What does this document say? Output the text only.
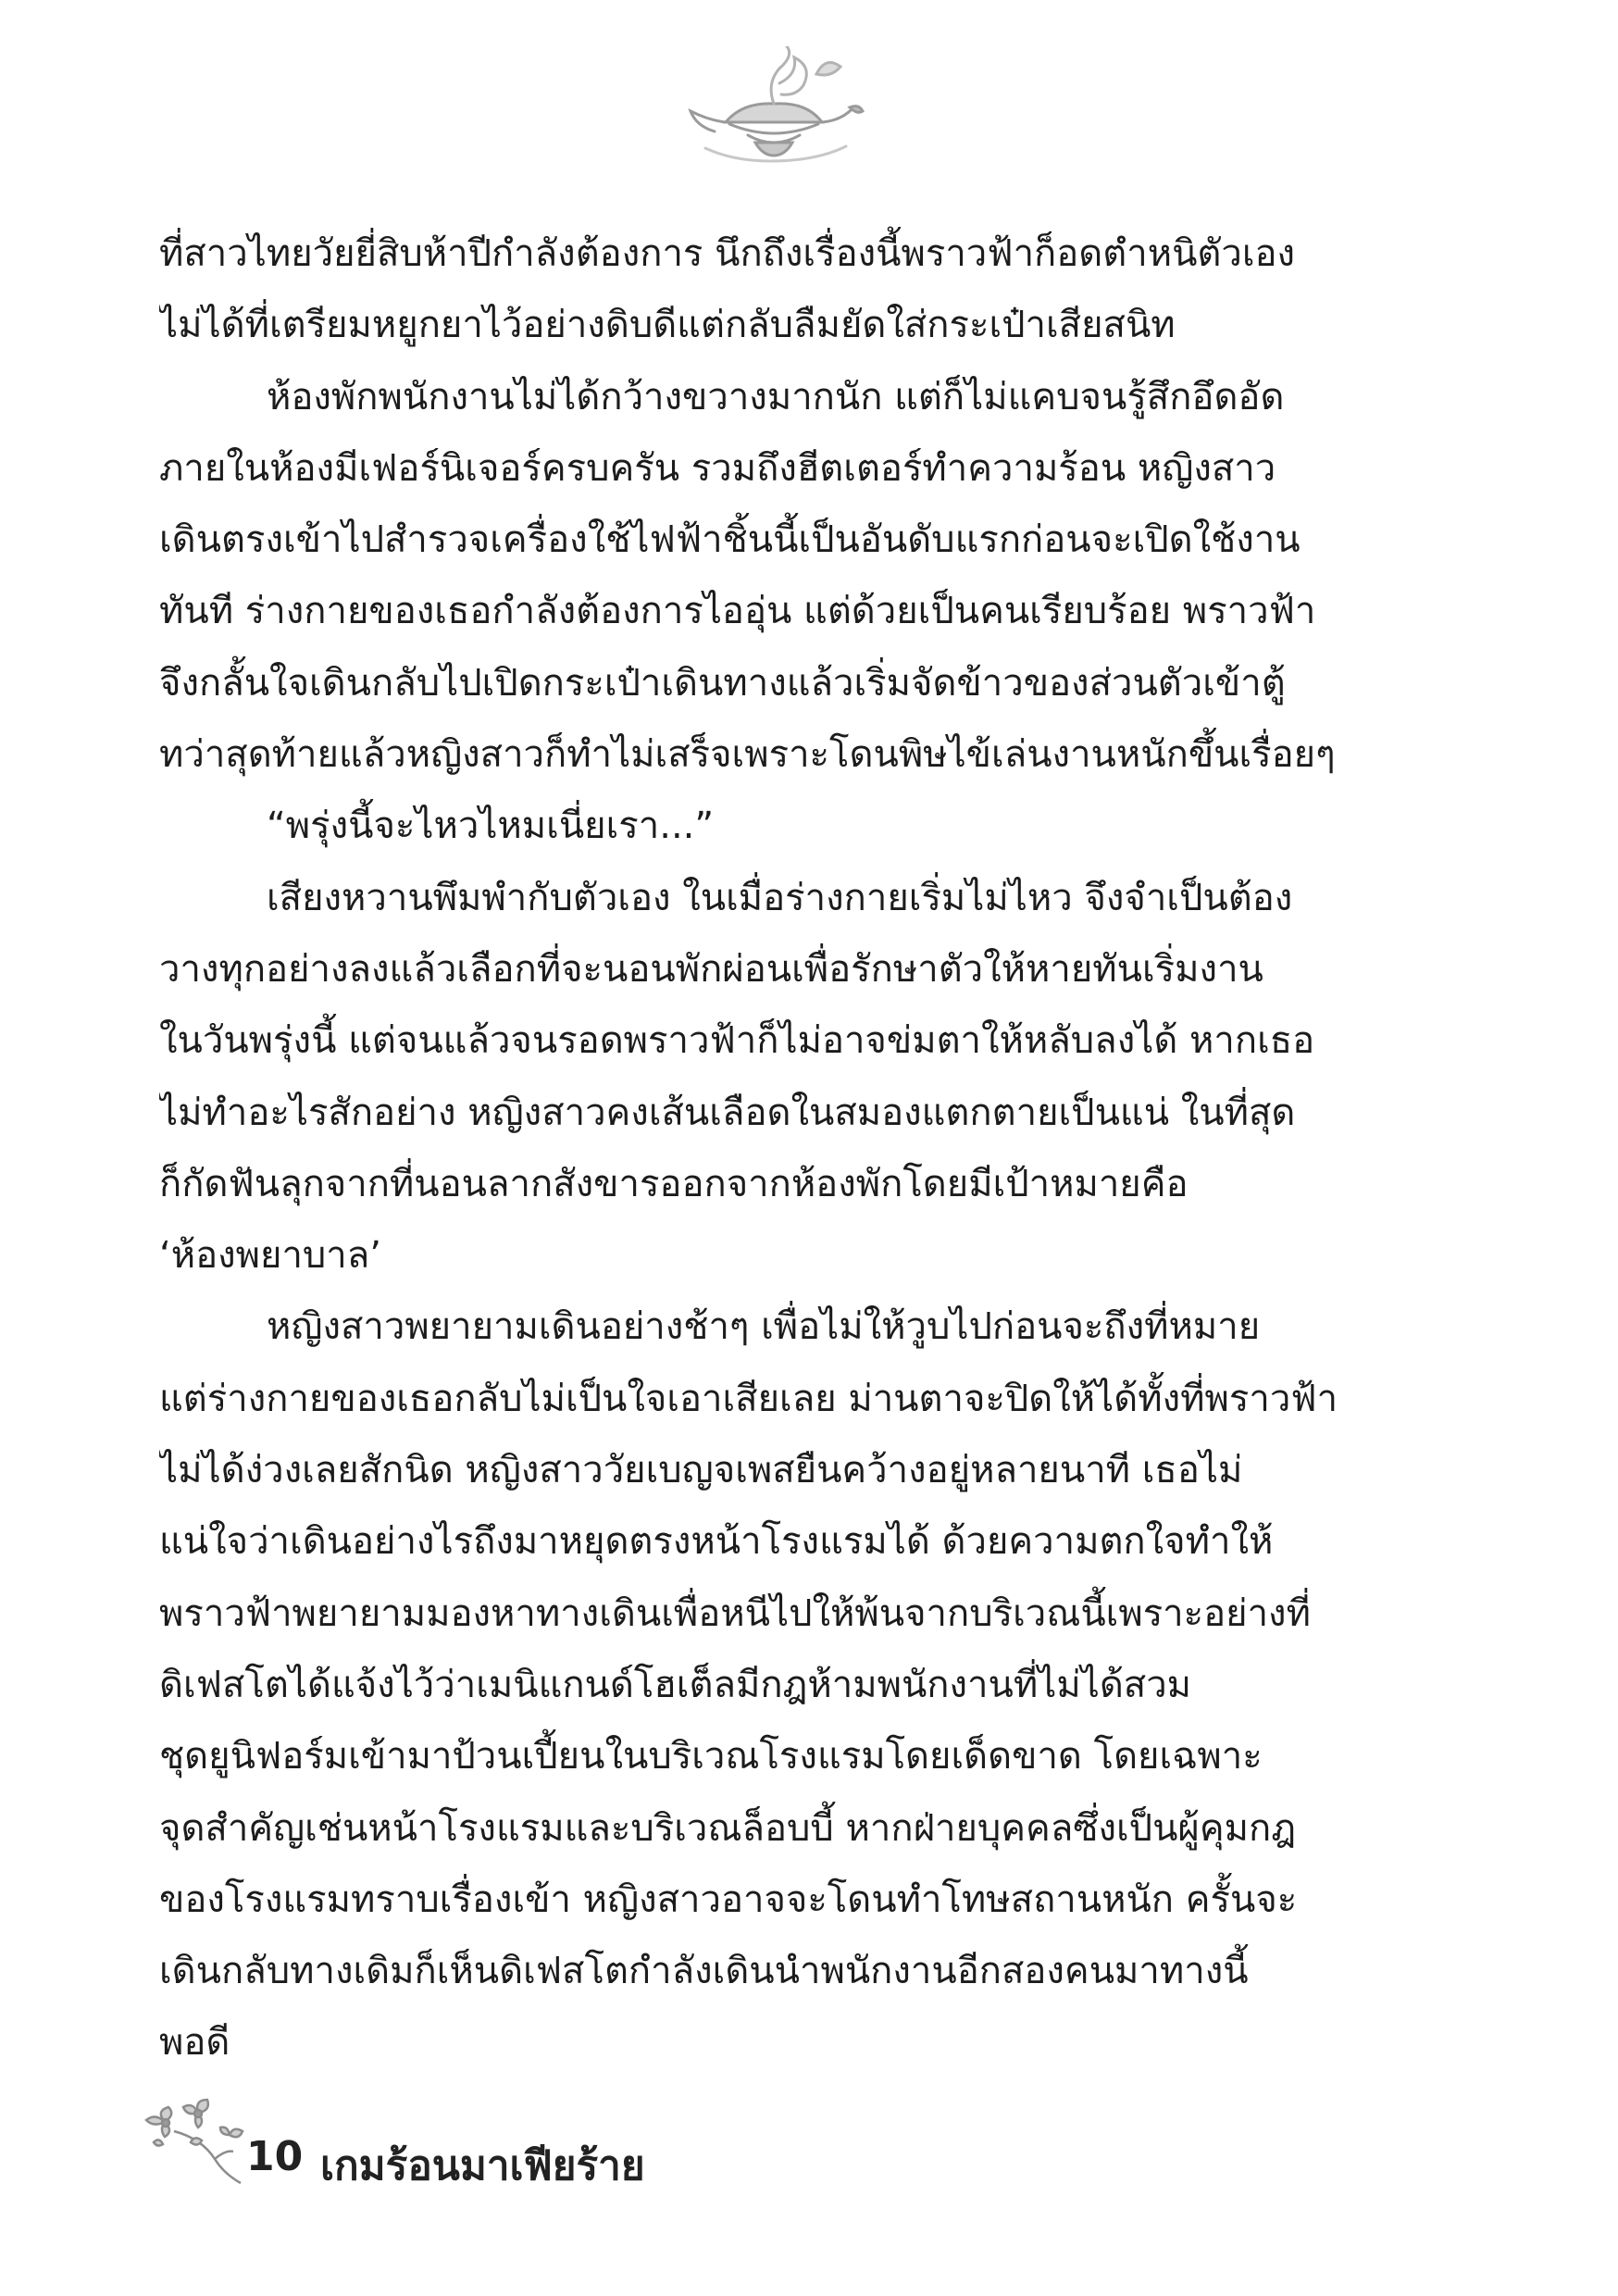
ที่สาวไทยวัยยี่สิบห้าปีกำลังต้องการ นึกถึงเรื่องนี้พราวฟ้าก็อดตำหนิตัวเอง
ไม่ได้ที่เตรียมหยูกยาไว้อย่างดิบดีแต่กลับลืมยัดใส่กระเป๋าเสียสนิท
ห้องพักพนักงานไม่ได้กว้างขวางมากนัก แต่ก็ไม่แคบจนรู้สึกอึดอัด
ภายในห้องมีเฟอร์นิเจอร์ครบครัน รวมถึงฮีตเตอร์ทำความร้อน หญิงสาว
เดินตรงเข้าไปสำรวจเครื่องใช้ไฟฟ้าชิ้นนี้เป็นอันดับแรกก่อนจะเปิดใช้งาน
ทันที ร่างกายของเธอกำลังต้องการไออุ่น แต่ด้วยเป็นคนเรียบร้อย พราวฟ้า
จึงกลั้นใจเดินกลับไปเปิดกระเป๋าเดินทางแล้วเริ่มจัดข้าวของส่วนตัวเข้าตู้
ทว่าสุดท้ายแล้วหญิงสาวก็ทำไม่เสร็จเพราะโดนพิษไข้เล่นงานหนักขึ้นเรื่อยๆ
“พรุ่งนี้จะไหวไหมเนี่ยเรา...”
เสียงหวานพึมพำกับตัวเอง ในเมื่อร่างกายเริ่มไม่ไหว จึงจำเป็นต้อง
วางทุกอย่างลงแล้วเลือกที่จะนอนพักผ่อนเพื่อรักษาตัวให้หายทันเริ่มงาน
ในวันพรุ่งนี้ แต่จนแล้วจนรอดพราวฟ้าก็ไม่อาจข่มตาให้หลับลงได้ หากเธอ
ไม่ทำอะไรสักอย่าง หญิงสาวคงเส้นเลือดในสมองแตกตายเป็นแน่ ในที่สุด
ก็กัดฟันลุกจากที่นอนลากสังขารออกจากห้องพักโดยมีเป้าหมายคือ
‘ห้องพยาบาล’
หญิงสาวพยายามเดินอย่างช้าๆ เพื่อไม่ให้วูบไปก่อนจะถึงที่หมาย
แต่ร่างกายของเธอกลับไม่เป็นใจเอาเสียเลย ม่านตาจะปิดให้ได้ทั้งที่พราวฟ้า
ไม่ได้ง่วงเลยสักนิด หญิงสาววัยเบญจเพสยืนคว้างอยู่หลายนาที เธอไม่
แน่ใจว่าเดินอย่างไรถึงมาหยุดตรงหน้าโรงแรมได้ ด้วยความตกใจทำให้
พราวฟ้าพยายามมองหาทางเดินเพื่อหนีไปให้พ้นจากบริเวณนี้เพราะอย่างที่
ดิเฟสโตได้แจ้งไว้ว่าเมนิแกนด์โฮเต็ลมีกฎห้ามพนักงานที่ไม่ได้สวม
ชุดยูนิฟอร์มเข้ามาป้วนเปี้ยนในบริเวณโรงแรมโดยเด็ดขาด โดยเฉพาะ
จุดสำคัญเช่นหน้าโรงแรมและบริเวณล็อบบี้ หากฝ่ายบุคคลซึ่งเป็นผู้คุมกฎ
ของโรงแรมทราบเรื่องเข้า หญิงสาวอาจจะโดนทำโทษสถานหนัก ครั้นจะ
เดินกลับทางเดิมก็เห็นดิเฟสโตกำลังเดินนำพนักงานอีกสองคนมาทางนี้
พอดี
10 เกมร้อนมาเฟียร้าย
